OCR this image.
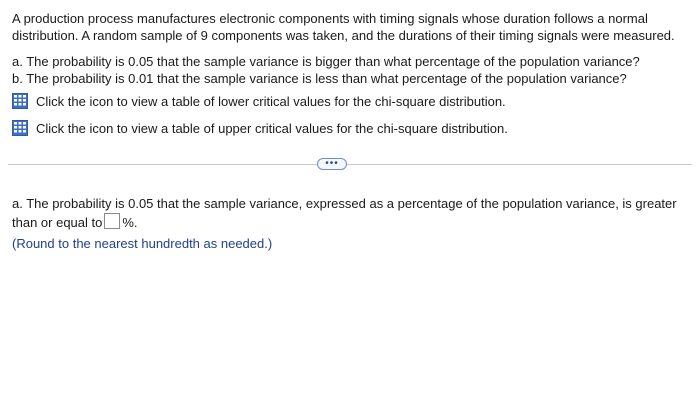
A production process manufactures electronic components with timing signals whose duration follows a normal distribution. A random sample of 9 components was taken, and the durations of their timing signals were measured.

a. The probability is 0.05 that the sample variance is bigger than what percentage of the population variance?
b. The probability is 0.01 that the sample variance is less than what percentage of the population variance?
Click the icon to view a table of lower critical values for the chi-square distribution.
Click the icon to view a table of upper critical values for the chi-square distribution.
•••
a. The probability is 0.05 that the sample variance, expressed as a percentage of the population variance, is greater than or equal to %.
(Round to the nearest hundredth as needed.)
